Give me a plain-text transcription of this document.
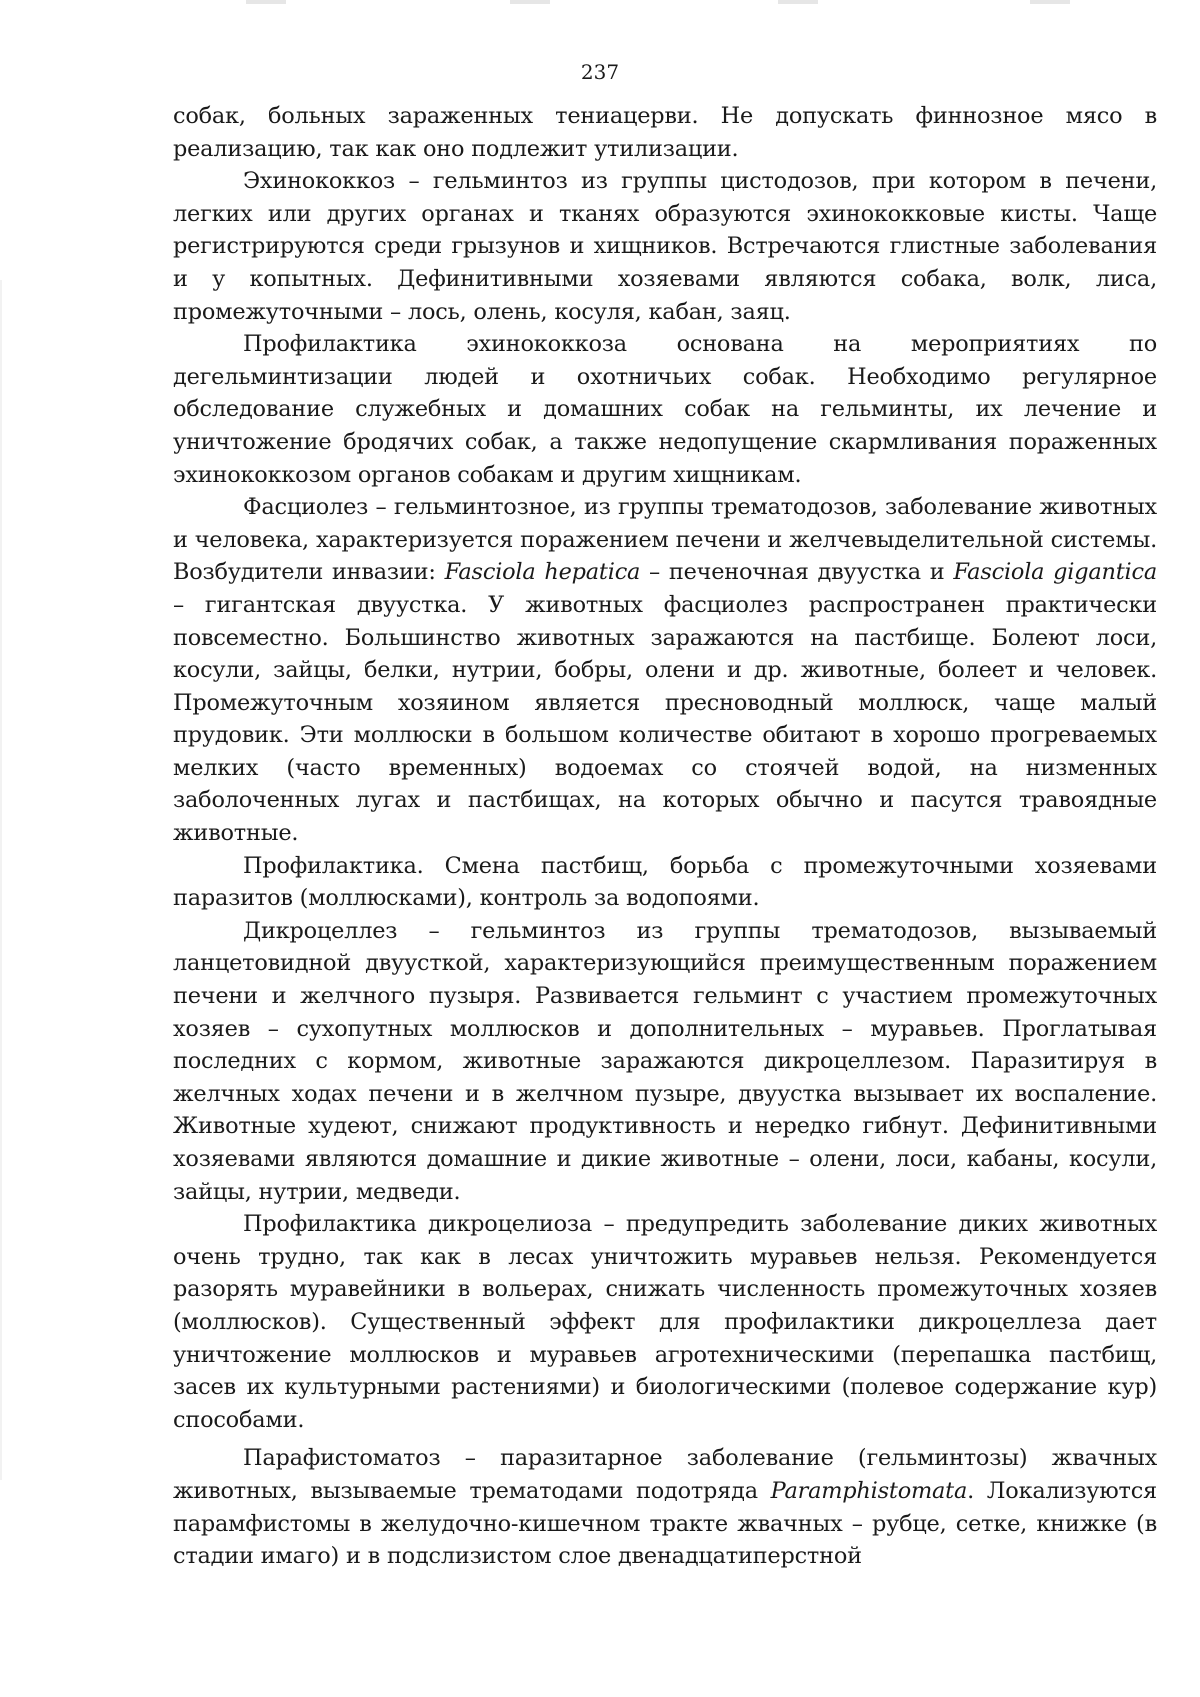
237

собак, больных зараженных тениацерви. Не допускать финнозное мясо в реализацию, так как оно подлежит утилизации.

Эхинококкоз – гельминтоз из группы цистодозов, при котором в печени, легких или других органах и тканях образуются эхинококковые кисты. Чаще регистрируются среди грызунов и хищников. Встречаются глистные заболевания и у копытных. Дефинитивными хозяевами являются собака, волк, лиса, промежуточными – лось, олень, косуля, кабан, заяц.

Профилактика эхинококкоза основана на мероприятиях по дегельминтизации людей и охотничьих собак. Необходимо регулярное обследование служебных и домашних собак на гельминты, их лечение и уничтожение бродячих собак, а также недопущение скармливания пораженных эхинококкозом органов собакам и другим хищникам.

Фасциолез – гельминтозное, из группы трематодозов, заболевание животных и человека, характеризуется поражением печени и желчевыделительной системы. Возбудители инвазии: Fasciola hepatica – печеночная двуустка и Fasciola gigantica – гигантская двуустка. У животных фасциолез распространен практически повсеместно. Большинство животных заражаются на пастбище. Болеют лоси, косули, зайцы, белки, нутрии, бобры, олени и др. животные, болеет и человек. Промежуточным хозяином является пресноводный моллюск, чаще малый прудовик. Эти моллюски в большом количестве обитают в хорошо прогреваемых мелких (часто временных) водоемах со стоячей водой, на низменных заболоченных лугах и пастбищах, на которых обычно и пасутся травоядные животные.

Профилактика. Смена пастбищ, борьба с промежуточными хозяевами паразитов (моллюсками), контроль за водопоями.

Дикроцеллез – гельминтоз из группы трематодозов, вызываемый ланцетовидной двуусткой, характеризующийся преимущественным поражением печени и желчного пузыря. Развивается гельминт с участием промежуточных хозяев – сухопутных моллюсков и дополнительных – муравьев. Проглатывая последних с кормом, животные заражаются дикроцеллезом. Паразитируя в желчных ходах печени и в желчном пузыре, двуустка вызывает их воспаление. Животные худеют, снижают продуктивность и нередко гибнут. Дефинитивными хозяевами являются домашние и дикие животные – олени, лоси, кабаны, косули, зайцы, нутрии, медведи.

Профилактика дикроцелиоза – предупредить заболевание диких животных очень трудно, так как в лесах уничтожить муравьев нельзя. Рекомендуется разорять муравейники в вольерах, снижать численность промежуточных хозяев (моллюсков). Существенный эффект для профилактики дикроцеллеза дает уничтожение моллюсков и муравьев агротехническими (перепашка пастбищ, засев их культурными растениями) и биологическими (полевое содержание кур) способами.

Парафистоматоз – паразитарное заболевание (гельминтозы) жвачных животных, вызываемые трематодами подотряда Paramphistomata. Локализуются парамфистомы в желудочно-кишечном тракте жвачных – рубце, сетке, книжке (в стадии имаго) и в подслизистом слое двенадцатиперстной
